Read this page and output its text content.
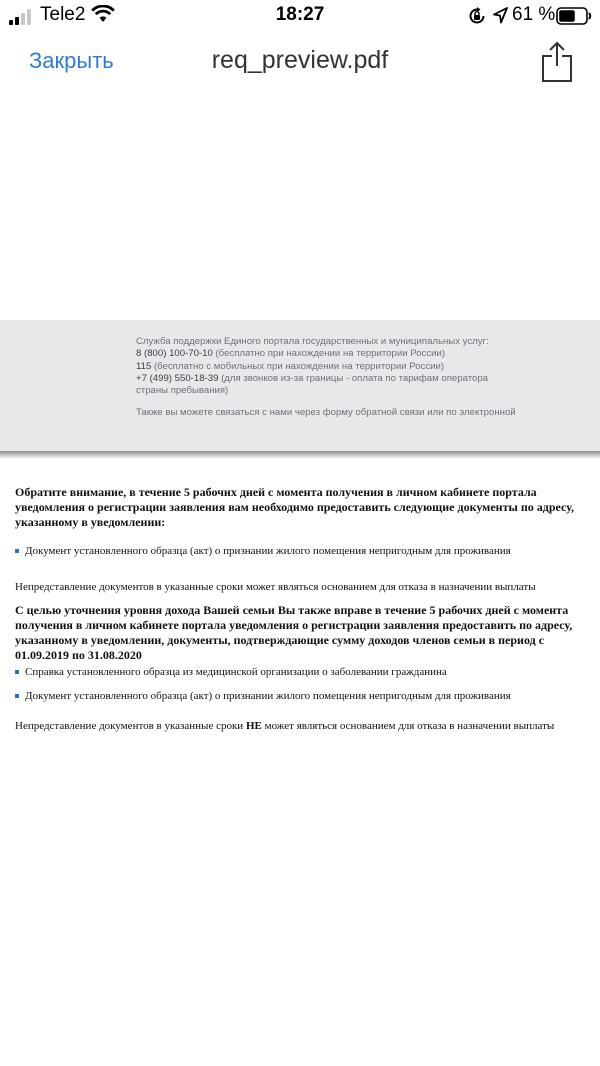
Tele2	18:27	61 %
Закрыть	req_preview.pdf
Служба поддержки Единого портала государственных и муниципальных услуг:
8 (800) 100-70-10 (бесплатно при нахождении на территории России)
115 (бесплатно с мобильных при нахождении на территории России)
+7 (499) 550-18-39 (для звонков из-за границы - оплата по тарифам оператора
страны пребывания)
Также вы можете связаться с нами через форму обратной связи или по электронной

Обратите внимание, в течение 5 рабочих дней с момента получения в личном кабинете портала уведомления о регистрации заявления вам необходимо предоставить следующие документы по адресу, указанному в уведомлении:

Документ установленного образца (акт) о признании жилого помещения непригодным для проживания
Непредставление документов в указанные сроки может являться основанием для отказа в назначении выплаты

С целью уточнения уровня дохода Вашей семьи Вы также вправе в течение 5 рабочих дней с момента получения в личном кабинете портала уведомления о регистрации заявления предоставить по адресу, указанному в уведомлении, документы, подтверждающие сумму доходов членов семьи в период с 01.09.2019 по 31.08.2020

Справка установленного образца из медицинской организации о заболевании гражданина
Документ установленного образца (акт) о признании жилого помещения непригодным для проживания
Непредставление документов в указанные сроки НЕ может являться основанием для отказа в назначении выплаты
